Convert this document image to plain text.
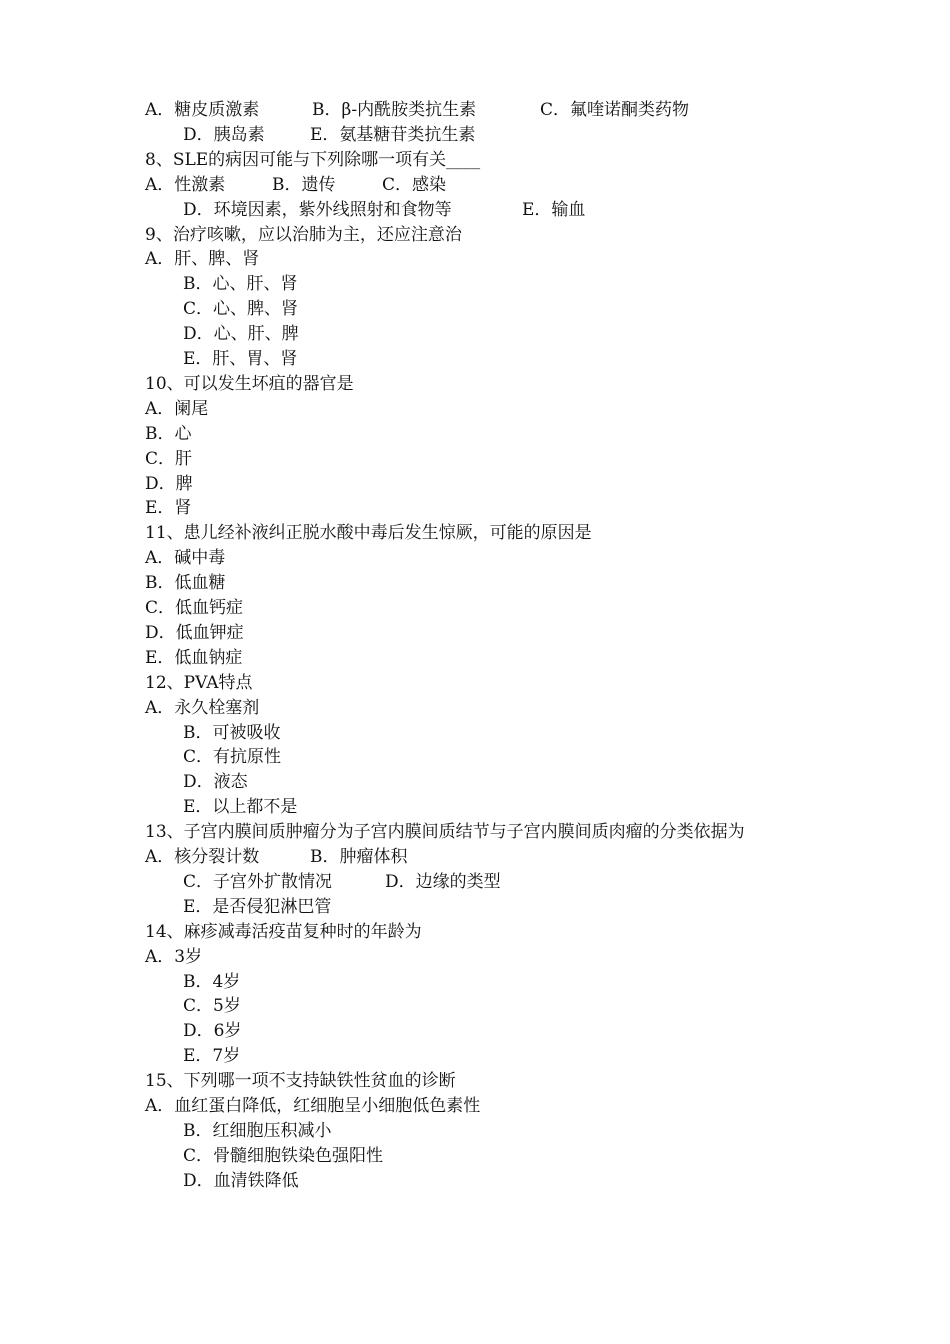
A．糖皮质激素	B．β-内酰胺类抗生素	C．氟喹诺酮类药物
D．胰岛素	E．氨基糖苷类抗生素
8、SLE的病因可能与下列除哪一项有关____
A．性激素	B．遗传	C．感染
D．环境因素，紫外线照射和食物等	E．输血
9、治疗咳嗽，应以治肺为主，还应注意治
A．肝、脾、肾
B．心、肝、肾
C．心、脾、肾
D．心、肝、脾
E．肝、胃、肾
10、可以发生坏疽的器官是
A．阑尾
B．心
C．肝
D．脾
E．肾
11、患儿经补液纠正脱水酸中毒后发生惊厥，可能的原因是
A．碱中毒
B．低血糖
C．低血钙症
D．低血钾症
E．低血钠症
12、PVA特点
A．永久栓塞剂
B．可被吸收
C．有抗原性
D．液态
E．以上都不是
13、子宫内膜间质肿瘤分为子宫内膜间质结节与子宫内膜间质肉瘤的分类依据为
A．核分裂计数	B．肿瘤体积
C．子宫外扩散情况	D．边缘的类型
E．是否侵犯淋巴管
14、麻疹减毒活疫苗复种时的年龄为
A．3岁
B．4岁
C．5岁
D．6岁
E．7岁
15、下列哪一项不支持缺铁性贫血的诊断
A．血红蛋白降低，红细胞呈小细胞低色素性
B．红细胞压积减小
C．骨髓细胞铁染色强阳性
D．血清铁降低
